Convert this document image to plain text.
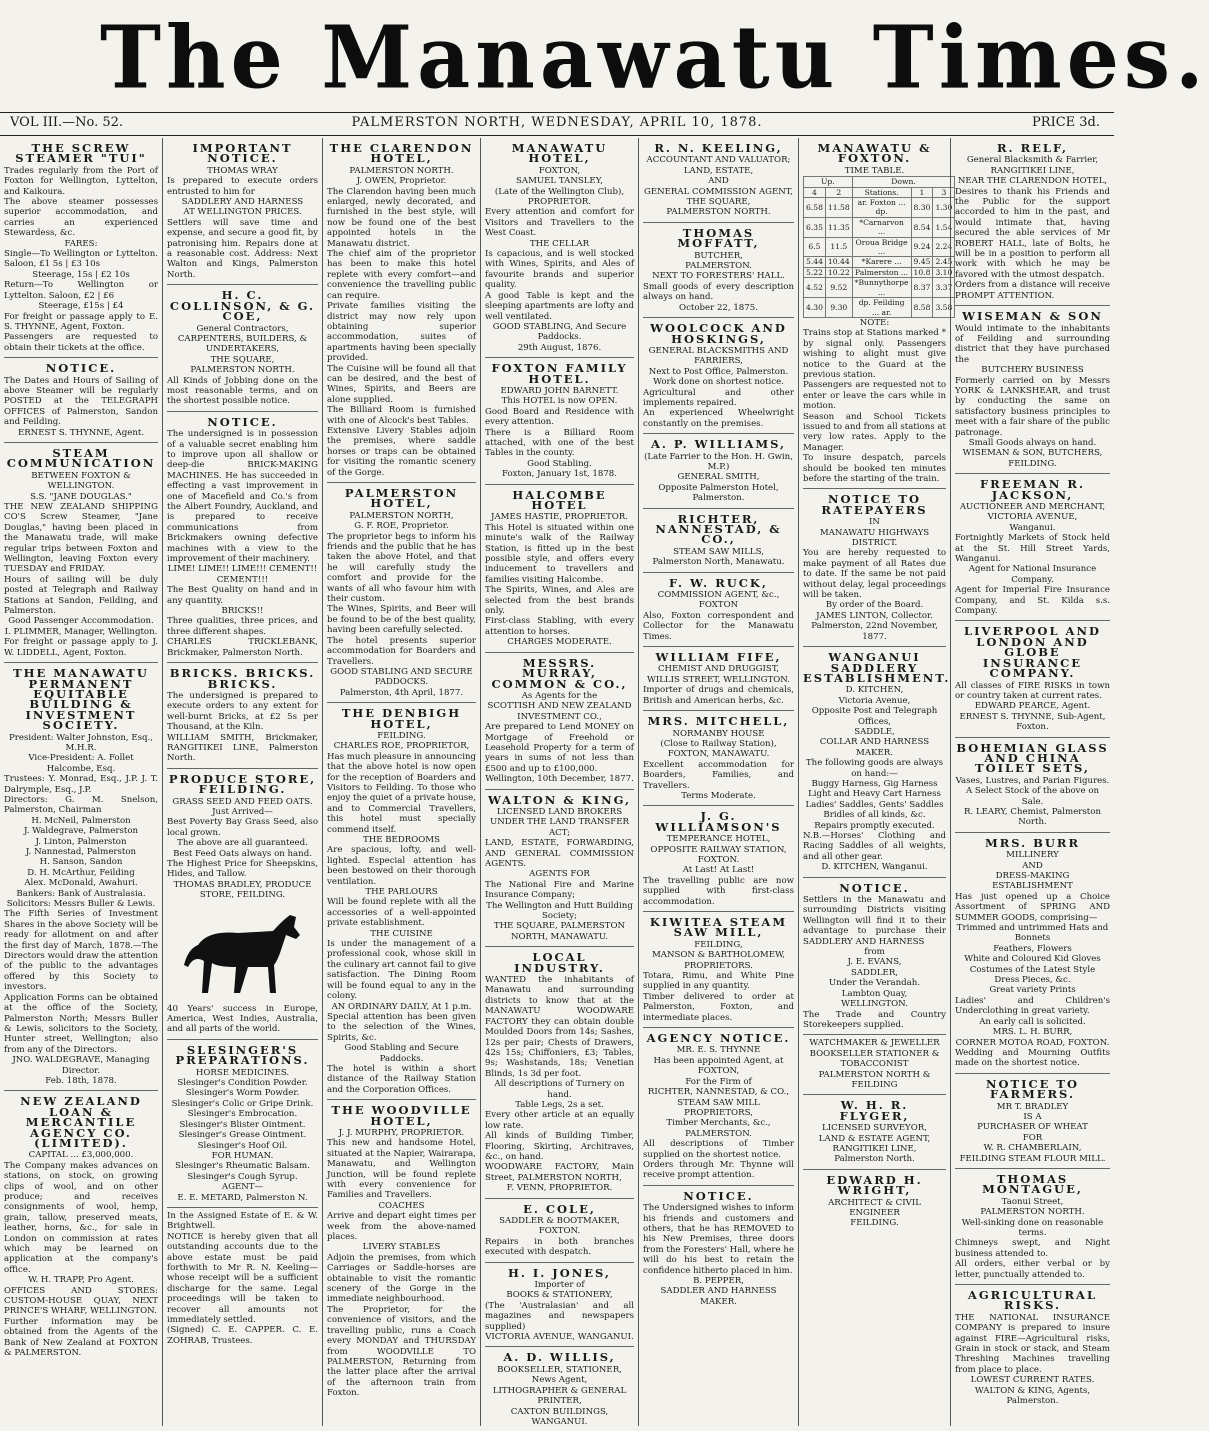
The Manawatu Times.
VOL III.—No. 52.	PALMERSTON NORTH, WEDNESDAY, APRIL 10, 1878.	PRICE 3d.
THE SCREW STEAMER "TUI"
Trades regularly from the Port of Foxton for Wellington, Lyttelton, and Kaikoura.
The above steamer possesses superior accommodation, and carries an experienced Stewardess, &c.
FARES:
Single—To Wellington or Lyttelton. Saloon, £1 5s | £3 10s
Steerage, 15s | £2 10s
Return—To Wellington or Lyttelton. Saloon, £2 | £6
Steerage, £15s | £4
For freight or passage apply to E. S. THYNNE, Agent, Foxton.
Passengers are requested to obtain their tickets at the office.
NOTICE.
The Dates and Hours of Sailing of above Steamer will be regularly POSTED at the TELEGRAPH OFFICES of Palmerston, Sandon and Feilding.
ERNEST S. THYNNE, Agent.
STEAM COMMUNICATION
BETWEEN FOXTON & WELLINGTON.
S.S. "JANE DOUGLAS."
THE NEW ZEALAND SHIPPING CO'S Screw Steamer, "Jane Douglas," having been placed in the Manawatu trade, will make regular trips between Foxton and Wellington, leaving Foxton every TUESDAY and FRIDAY.
Hours of sailing will be duly posted at Telegraph and Railway Stations at Sandon, Feilding, and Palmerston.
Good Passenger Accommodation.
I. PLIMMER, Manager, Wellington.
For freight or passage apply to J. W. LIDDELL, Agent, Foxton.
THE MANAWATU PERMANENT EQUITABLE BUILDING & INVESTMENT SOCIETY.
President: Walter Johnston, Esq., M.H.R.
Vice-President: A. Follet Halcombe, Esq.
Trustees: Y. Monrad, Esq., J.P. J. T. Dalrymple, Esq., J.P.
Directors: G. M. Snelson, Palmerston, Chairman
H. McNeil, Palmerston
J. Waldegrave, Palmerston
J. Linton, Palmerston
J. Nannestad, Palmerston
H. Sanson, Sandon
D. H. McArthur, Feilding
Alex. McDonald, Awahuri.
Bankers: Bank of Australasia.
Solicitors: Messrs Buller & Lewis.
The Fifth Series of Investment Shares in the above Society will be ready for allotment on and after the first day of March, 1878.—The Directors would draw the attention of the public to the advantages offered by this Society to investors.
Application Forms can be obtained at the office of the Society, Palmerston North; Messrs Buller & Lewis, solicitors to the Society, Hunter street, Wellington; also from any of the Directors.
JNO. WALDEGRAVE, Managing Director.
Feb. 18th, 1878.
NEW ZEALAND LOAN & MERCANTILE AGENCY CO. (LIMITED).
CAPITAL ... £3,000,000.
The Company makes advances on stations, on stock, on growing clips of wool, and on other produce; and receives consignments of wool, hemp, grain, tallow, preserved meats, leather, horns, &c., for sale in London on commission at rates which may be learned on application at the company's office.
W. H. TRAPP, Pro Agent.
OFFICES AND STORES: CUSTOM-HOUSE QUAY, NEXT PRINCE'S WHARF, WELLINGTON.
Further information may be obtained from the Agents of the Bank of New Zealand at FOXTON & PALMERSTON.
IMPORTANT NOTICE.
THOMAS WRAY
Is prepared to execute orders entrusted to him for
SADDLERY AND HARNESS
AT WELLINGTON PRICES.
Settlers will save time and expense, and secure a good fit, by patronising him. Repairs done at a reasonable cost. Address: Next Walton and Kings, Palmerston North.
H. C. COLLINSON, & G. COE,
General Contractors,
CARPENTERS, BUILDERS, & UNDERTAKERS,
THE SQUARE,
PALMERSTON NORTH.
All Kinds of Jobbing done on the most reasonable terms, and on the shortest possible notice.
NOTICE.
The undersigned is in possession of a valuable secret enabling him to improve upon all shallow or deep-die BRICK-MAKING MACHINES. He has succeeded in effecting a vast improvement in one of Macefield and Co.'s from the Albert Foundry, Auckland, and is prepared to receive communications from Brickmakers owning defective machines with a view to the improvement of their machinery.
LIME! LIME!! LIME!!! CEMENT!! CEMENT!!!
The Best Quality on hand and in any quantity.
BRICKS!!
Three qualities, three prices, and three different shapes.
CHARLES TRICKLEBANK, Brickmaker, Palmerston North.
BRICKS. BRICKS. BRICKS.
The undersigned is prepared to execute orders to any extent for well-burnt Bricks, at £2 5s per Thousand, at the Kiln.
WILLIAM SMITH, Brickmaker, RANGITIKEI LINE, Palmerston North.
PRODUCE STORE, FEILDING.
GRASS SEED AND FEED OATS.
Just Arrived—
Best Poverty Bay Grass Seed, also local grown.
The above are all guaranteed.
Best Feed Oats always on hand.
The Highest Price for Sheepskins, Hides, and Tallow.
THOMAS BRADLEY, PRODUCE STORE, FEILDING.
40 Years' success in Europe, America, West Indies, Australia, and all parts of the world.
SLESINGER'S PREPARATIONS.
HORSE MEDICINES.
Slesinger's Condition Powder.
Slesinger's Worm Powder.
Slesinger's Colic or Gripe Drink.
Slesinger's Embrocation.
Slesinger's Blister Ointment.
Slesinger's Grease Ointment.
Slesinger's Hoof Oil.
FOR HUMAN.
Slesinger's Rheumatic Balsam.
Slesinger's Cough Syrup.
AGENT—
E. E. METARD, Palmerston N.
In the Assigned Estate of E. & W. Brightwell.
NOTICE is hereby given that all outstanding accounts due to the above estate must be paid forthwith to Mr R. N. Keeling—whose receipt will be a sufficient discharge for the same. Legal proceedings will be taken to recover all amounts not immediately settled.
(Signed) C. E. CAPPER. C. E. ZOHRAB, Trustees.
THE CLARENDON HOTEL,
PALMERSTON NORTH.
J. OWEN, Proprietor.
The Clarendon having been much enlarged, newly decorated, and furnished in the best style, will now be found one of the best appointed hotels in the Manawatu district.
The chief aim of the proprietor has been to make this hotel replete with every comfort—and convenience the travelling public can require.
Private families visiting the district may now rely upon obtaining superior accommodation, suites of apartments having been specially provided.
The Cuisine will be found all that can be desired, and the best of Wines, Spirits, and Beers are alone supplied.
The Billiard Room is furnished with one of Alcock's best Tables.
Extensive Livery Stables adjoin the premises, where saddle horses or traps can be obtained for visiting the romantic scenery of the Gorge.
PALMERSTON HOTEL,
PALMERSTON NORTH,
G. F. ROE, Proprietor.
The proprietor begs to inform his friends and the public that he has taken the above Hotel, and that he will carefully study the comfort and provide for the wants of all who favour him with their custom.
The Wines, Spirits, and Beer will be found to be of the best quality, having been carefully selected.
The hotel presents superior accommodation for Boarders and Travellers.
GOOD STABLING AND SECURE PADDOCKS.
Palmerston, 4th April, 1877.
THE DENBIGH HOTEL,
FEILDING.
CHARLES ROE, PROPRIETOR,
Has much pleasure in announcing that the above hotel is now open for the reception of Boarders and Visitors to Feilding. To those who enjoy the quiet of a private house, and to Commercial Travellers, this hotel must specially commend itself.
THE BEDROOMS
Are spacious, lofty, and well-lighted. Especial attention has been bestowed on their thorough ventilation.
THE PARLOURS
Will be found replete with all the accessories of a well-appointed private establishment.
THE CUISINE
Is under the management of a professional cook, whose skill in the culinary art cannot fail to give satisfaction. The Dining Room will be found equal to any in the colony.
AN ORDINARY DAILY, At 1 p.m.
Special attention has been given to the selection of the Wines, Spirits, &c.
Good Stabling and Secure Paddocks.
The hotel is within a short distance of the Railway Station and the Corporation Offices.
THE WOODVILLE HOTEL,
J. J. MURPHY, PROPRIETOR.
This new and handsome Hotel, situated at the Napier, Wairarapa, Manawatu, and Wellington Junction, will be found replete with every convenience for Families and Travellers.
COACHES
Arrive and depart eight times per week from the above-named places.
LIVERY STABLES
Adjoin the premises, from which Carriages or Saddle-horses are obtainable to visit the romantic scenery of the Gorge in the immediate neighbourhood.
The Proprietor, for the convenience of visitors, and the travelling public, runs a Coach every MONDAY and THURSDAY from WOODVILLE TO PALMERSTON, Returning from the latter place after the arrival of the afternoon train from Foxton.
MANAWATU HOTEL,
FOXTON,
SAMUEL TANSLEY,
(Late of the Wellington Club),
PROPRIETOR.
Every attention and comfort for Visitors and Travellers to the West Coast.
THE CELLAR
Is capacious, and is well stocked with Wines, Spirits, and Ales of favourite brands and superior quality.
A good Table is kept and the sleeping apartments are lofty and well ventilated.
GOOD STABLING, And Secure Paddocks.
29th August, 1876.
FOXTON FAMILY HOTEL.
EDWARD JOHN BARNETT.
This HOTEL is now OPEN.
Good Board and Residence with every attention.
There is a Billiard Room attached, with one of the best Tables in the county.
Good Stabling.
Foxton, January 1st, 1878.
HALCOMBE HOTEL
JAMES HASTIE, PROPRIETOR.
This Hotel is situated within one minute's walk of the Railway Station, is fitted up in the best possible style, and offers every inducement to travellers and families visiting Halcombe.
The Spirits, Wines, and Ales are selected from the best brands only.
First-class Stabling, with every attention to horses.
CHARGES MODERATE.
MESSRS. MURRAY, COMMON & CO.,
As Agents for the
SCOTTISH AND NEW ZEALAND INVESTMENT CO.,
Are prepared to Lend MONEY on Mortgage of Freehold or Leasehold Property for a term of years in sums of not less than £500 and up to £100,000.
Wellington, 10th December, 1877.
WALTON & KING,
LICENSED LAND BROKERS
UNDER THE LAND TRANSFER ACT;
LAND, ESTATE, FORWARDING, AND GENERAL COMMISSION AGENTS.
AGENTS FOR
The National Fire and Marine Insurance Company;
The Wellington and Hutt Building Society;
THE SQUARE, PALMERSTON NORTH, MANAWATU.
LOCAL INDUSTRY.
WANTED the inhabitants of Manawatu and surrounding districts to know that at the MANAWATU WOODWARE FACTORY they can obtain double Moulded Doors from 14s; Sashes, 12s per pair; Chests of Drawers, 42s 15s; Chiffoniers, £3; Tables, 9s; Washstands, 18s; Venetian Blinds, 1s 3d per foot.
All descriptions of Turnery on hand.
Table Legs, 2s a set.
Every other article at an equally low rate.
All kinds of Building Timber, Flooring, Skirting, Architraves, &c., on hand.
WOODWARE FACTORY, Main Street, PALMERSTON NORTH,
F. VENN, PROPRIETOR.
E. COLE,
SADDLER & BOOTMAKER,
FOXTON.
Repairs in both branches executed with despatch.
H. I. JONES,
Importer of
BOOKS & STATIONERY,
(The 'Australasian' and all magazines and newspapers supplied)
VICTORIA AVENUE, WANGANUI.
A. D. WILLIS,
BOOKSELLER, STATIONER, News Agent,
LITHOGRAPHER & GENERAL PRINTER,
CAXTON BUILDINGS, WANGANUI.
R. N. KEELING,
ACCOUNTANT AND VALUATOR;
LAND, ESTATE,
AND
GENERAL COMMISSION AGENT,
THE SQUARE,
PALMERSTON NORTH.
THOMAS MOFFATT,
BUTCHER,
PALMERSTON.
NEXT TO FORESTERS' HALL.
Small goods of every description always on hand.
October 22, 1875.
WOOLCOCK AND HOSKINGS,
GENERAL BLACKSMITHS AND FARRIERS,
Next to Post Office, Palmerston.
Work done on shortest notice.
Agricultural and other implements repaired.
An experienced Wheelwright constantly on the premises.
A. P. WILLIAMS,
(Late Farrier to the Hon. H. Gwin, M.P.)
GENERAL SMITH,
Opposite Palmerston Hotel,
Palmerston.
RICHTER, NANNESTAD, & CO.,
STEAM SAW MILLS,
Palmerston North, Manawatu.
F. W. RUCK,
COMMISSION AGENT, &c.,
FOXTON
Also, Foxton correspondent and Collector for the Manawatu Times.
WILLIAM FIFE,
CHEMIST AND DRUGGIST,
WILLIS STREET, WELLINGTON.
Importer of drugs and chemicals, British and American herbs, &c.
MRS. MITCHELL,
NORMANBY HOUSE
(Close to Railway Station),
FOXTON, MANAWATU.
Excellent accommodation for Boarders, Families, and Travellers.
Terms Moderate.
J. G. WILLIAMSON'S
TEMPERANCE HOTEL,
OPPOSITE RAILWAY STATION,
FOXTON.
At Last! At Last!
The travelling public are now supplied with first-class accommodation.
KIWITEA STEAM SAW MILL,
FEILDING,
MANSON & BARTHOLOMEW,
PROPRIETORS.
Totara, Rimu, and White Pine supplied in any quantity.
Timber delivered to order at Palmerston, Foxton, and intermediate places.
AGENCY NOTICE.
MR. E. S. THYNNE
Has been appointed Agent, at
FOXTON,
For the Firm of
RICHTER, NANNESTAD, & CO.,
STEAM SAW MILL PROPRIETORS,
Timber Merchants, &c.,
PALMERSTON.
All descriptions of Timber supplied on the shortest notice.
Orders through Mr. Thynne will receive prompt attention.
NOTICE.
The Undersigned wishes to inform his friends and customers and others, that he has REMOVED to his New Premises, three doors from the Foresters' Hall, where he will do his best to retain the confidence hitherto placed in him.
B. PEPPER,
SADDLER AND HARNESS MAKER.
MANAWATU & FOXTON.
TIME TABLE.
Up.		Down.		
4	2	Stations.	1	3
6.58	11.58	ar. Foxton ... dp.	8.30	1.30
6.35	11.35	*Carnarvon ...	8.54	1.54
6.5	11.5	Oroua Bridge ...	9.24	2.24
5.44	10.44	*Karere ...	9.45	2.45
5.22	10.22	Palmerston ...	10.8	3.10
4.52	9.52	*Bunnythorpe ...	8.37	3.37
4.30	9.30	dp. Feilding ... ar.	8.58	3.58
NOTE:
Trains stop at Stations marked * by signal only. Passengers wishing to alight must give notice to the Guard at the previous station.
Passengers are requested not to enter or leave the cars while in motion.
Season and School Tickets issued to and from all stations at very low rates. Apply to the Manager.
To insure despatch, parcels should be booked ten minutes before the starting of the train.
NOTICE TO RATEPAYERS
IN
MANAWATU HIGHWAYS DISTRICT.
You are hereby requested to make payment of all Rates due to date. If the same be not paid without delay, legal proceedings will be taken.
By order of the Board.
JAMES LINTON, Collector.
Palmerston, 22nd November, 1877.
WANGANUI SADDLERY ESTABLISHMENT.
D. KITCHEN,
Victoria Avenue,
Opposite Post and Telegraph Offices,
SADDLE,
COLLAR AND HARNESS MAKER.
The following goods are always on hand:—
Buggy Harness, Gig Harness
Light and Heavy Cart Harness
Ladies' Saddles, Gents' Saddles
Bridles of all kinds, &c.
Repairs promptly executed.
N.B.—Horses' Clothing and Racing Saddles of all weights, and all other gear.
D. KITCHEN, Wanganui.
NOTICE.
Settlers in the Manawatu and surrounding Districts visiting Wellington will find it to their advantage to purchase their SADDLERY AND HARNESS
from
J. E. EVANS,
SADDLER,
Under the Verandah.
Lambton Quay,
WELLINGTON.
The Trade and Country Storekeepers supplied.
WATCHMAKER & JEWELLER
BOOKSELLER STATIONER & TOBACCONIST
PALMERSTON NORTH & FEILDING
W. H. R. FLYGER,
LICENSED SURVEYOR,
LAND & ESTATE AGENT,
RANGITIKEI LINE,
Palmerston North.
EDWARD H. WRIGHT,
ARCHITECT & CIVIL ENGINEER
FEILDING.
R. RELF,
General Blacksmith & Farrier,
RANGITIKEI LINE,
NEAR THE CLARENDON HOTEL,
Desires to thank his Friends and the Public for the support accorded to him in the past, and would intimate that, having secured the able services of Mr ROBERT HALL, late of Bolts, he will be in a position to perform all work with which he may be favored with the utmost despatch.
Orders from a distance will receive PROMPT ATTENTION.
WISEMAN & SON
Would intimate to the inhabitants of Feilding and surrounding district that they have purchased the
BUTCHERY BUSINESS
Formerly carried on by Messrs YORK & LANKSHEAR, and trust by conducting the same on satisfactory business principles to meet with a fair share of the public patronage.
Small Goods always on hand.
WISEMAN & SON, BUTCHERS, FEILDING.
FREEMAN R. JACKSON,
AUCTIONEER AND MERCHANT,
VICTORIA AVENUE,
Wanganui.
Fortnightly Markets of Stock held at the St. Hill Street Yards, Wanganui.
Agent for National Insurance Company.
Agent for Imperial Fire Insurance Company, and St. Kilda s.s. Company.
LIVERPOOL AND LONDON AND GLOBE INSURANCE COMPANY.
All classes of FIRE RISKS in town or country taken at current rates.
EDWARD PEARCE, Agent.
ERNEST S. THYNNE, Sub-Agent, Foxton.
BOHEMIAN GLASS AND CHINA TOILET SETS,
Vases, Lustres, and Parian Figures.
A Select Stock of the above on Sale.
R. LEARY, Chemist, Palmerston North.
MRS. BURR
MILLINERY
AND
DRESS-MAKING ESTABLISHMENT
Has just opened up a Choice Assortment of SPRING AND SUMMER GOODS, comprising—
Trimmed and untrimmed Hats and Bonnets
Feathers, Flowers
White and Coloured Kid Gloves
Costumes of the Latest Style
Dress Pieces, &c.
Great variety Prints
Ladies' and Children's Underclothing in great variety.
An early call is solicited.
MRS. L. H. BURR,
CORNER MOTOA ROAD, FOXTON.
Wedding and Mourning Outfits made on the shortest notice.
NOTICE TO FARMERS.
MR T. BRADLEY
IS A
PURCHASER OF WHEAT
FOR
W. R. CHAMBERLAIN,
FEILDING STEAM FLOUR MILL.
THOMAS MONTAGUE,
Taonui Street,
PALMERSTON NORTH.
Well-sinking done on reasonable terms.
Chimneys swept, and Night business attended to.
All orders, either verbal or by letter, punctually attended to.
AGRICULTURAL RISKS.
THE NATIONAL INSURANCE COMPANY is prepared to insure against FIRE—Agricultural risks, Grain in stock or stack, and Steam Threshing Machines travelling from place to place.
LOWEST CURRENT RATES.
WALTON & KING, Agents, Palmerston.
